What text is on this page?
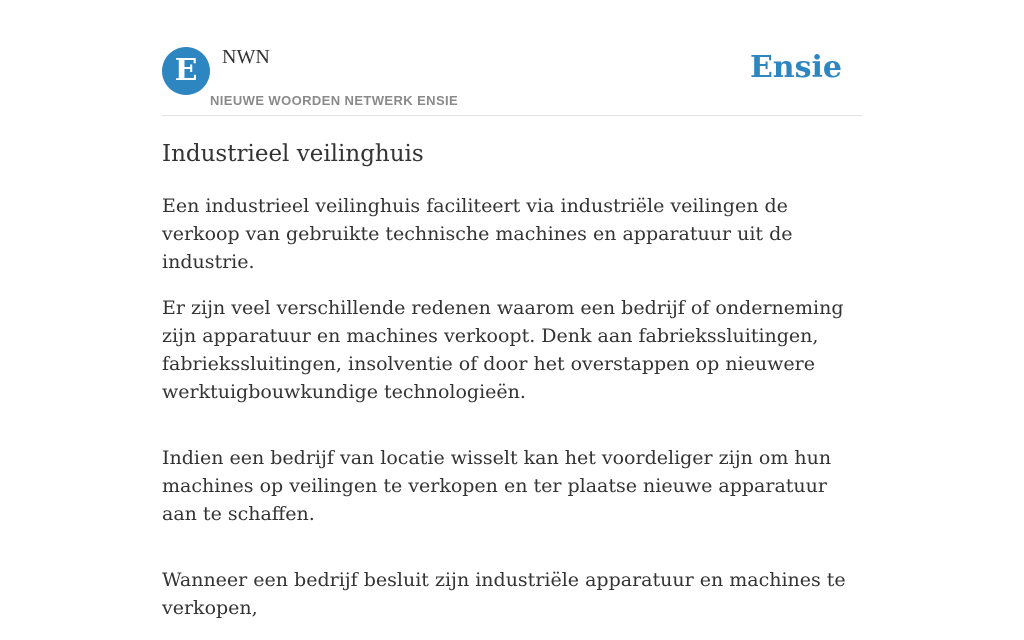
E	NWN
NIEUWE WOORDEN NETWERK ENSIE
Ensie
Industrieel veilinghuis

Een industrieel veilinghuis faciliteert via industriële veilingen de verkoop van gebruikte technische machines en apparatuur uit de industrie.

Er zijn veel verschillende redenen waarom een bedrijf of onderneming zijn apparatuur en machines verkoopt. Denk aan fabriekssluitingen, fabriekssluitingen, insolventie of door het overstappen op nieuwere werktuigbouwkundige technologieën.

Indien een bedrijf van locatie wisselt kan het voordeliger zijn om hun machines op veilingen te verkopen en ter plaatse nieuwe apparatuur aan te schaffen.

Wanneer een bedrijf besluit zijn industriële apparatuur en machines te verkopen,
